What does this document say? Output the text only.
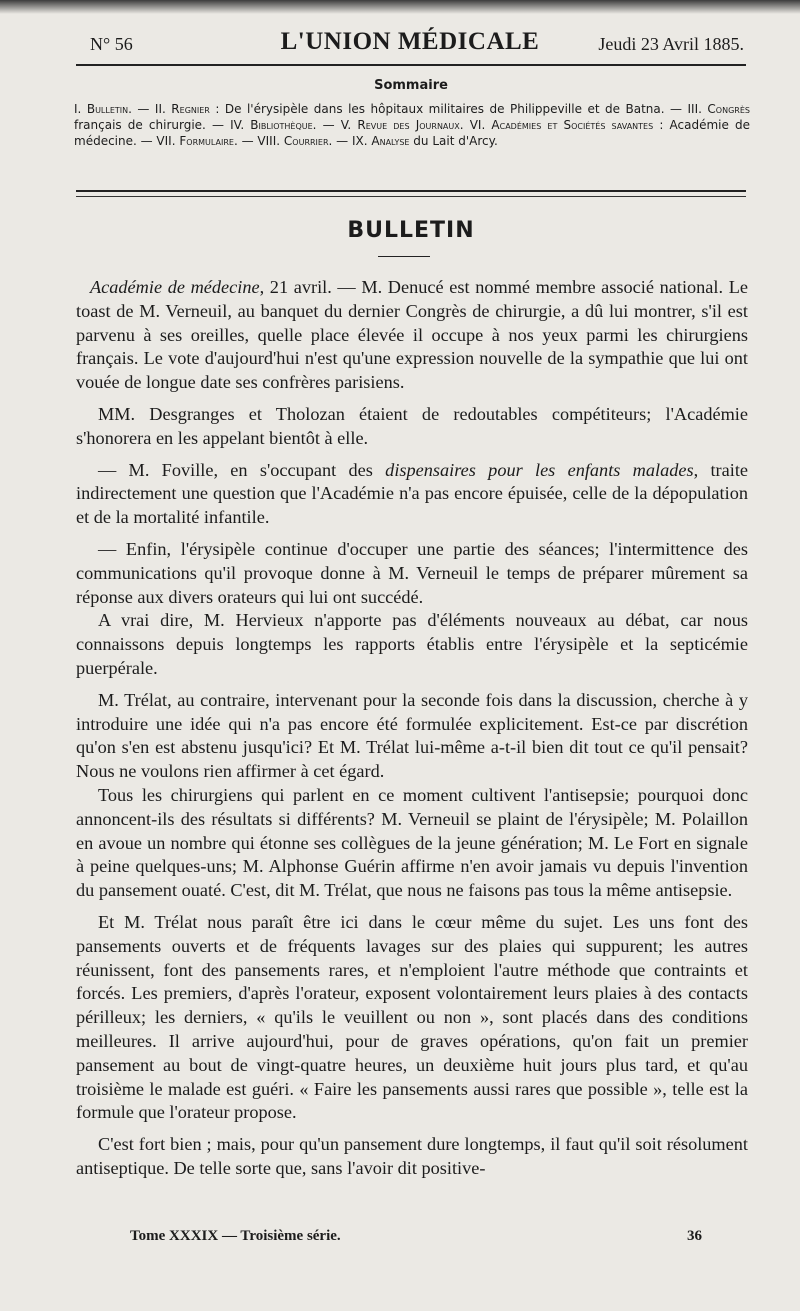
N° 56	L'UNION MÉDICALE	Jeudi 23 Avril 1885.
Sommaire
I. Bulletin. — II. Regnier : De l'érysipèle dans les hôpitaux militaires de Philippeville et de Batna. — III. Congrès français de chirurgie. — IV. Bibliothèque. — V. Revue des Journaux. VI. Académies et Sociétés savantes : Académie de médecine. — VII. Formulaire. — VIII. Courrier. — IX. Analyse du Lait d'Arcy.
BULLETIN

Académie de médecine, 21 avril. — M. Denucé est nommé membre associé national. Le toast de M. Verneuil, au banquet du dernier Congrès de chirurgie, a dû lui montrer, s'il est parvenu à ses oreilles, quelle place élevée il occupe à nos yeux parmi les chirurgiens français. Le vote d'aujourd'hui n'est qu'une expression nouvelle de la sympathie que lui ont vouée de longue date ses confrères parisiens.

MM. Desgranges et Tholozan étaient de redoutables compétiteurs; l'Académie s'honorera en les appelant bientôt à elle.

— M. Foville, en s'occupant des dispensaires pour les enfants malades, traite indirectement une question que l'Académie n'a pas encore épuisée, celle de la dépopulation et de la mortalité infantile.

— Enfin, l'érysipèle continue d'occuper une partie des séances; l'intermittence des communications qu'il provoque donne à M. Verneuil le temps de préparer mûrement sa réponse aux divers orateurs qui lui ont succédé.

A vrai dire, M. Hervieux n'apporte pas d'éléments nouveaux au débat, car nous connaissons depuis longtemps les rapports établis entre l'érysipèle et la septicémie puerpérale.

M. Trélat, au contraire, intervenant pour la seconde fois dans la discussion, cherche à y introduire une idée qui n'a pas encore été formulée explicitement. Est-ce par discrétion qu'on s'en est abstenu jusqu'ici? Et M. Trélat lui-même a-t-il bien dit tout ce qu'il pensait? Nous ne voulons rien affirmer à cet égard.

Tous les chirurgiens qui parlent en ce moment cultivent l'antisepsie; pourquoi donc annoncent-ils des résultats si différents? M. Verneuil se plaint de l'érysipèle; M. Polaillon en avoue un nombre qui étonne ses collègues de la jeune génération; M. Le Fort en signale à peine quelques-uns; M. Alphonse Guérin affirme n'en avoir jamais vu depuis l'invention du pansement ouaté. C'est, dit M. Trélat, que nous ne faisons pas tous la même antisepsie.

Et M. Trélat nous paraît être ici dans le cœur même du sujet. Les uns font des pansements ouverts et de fréquents lavages sur des plaies qui suppurent; les autres réunissent, font des pansements rares, et n'emploient l'autre méthode que contraints et forcés. Les premiers, d'après l'orateur, exposent volontairement leurs plaies à des contacts périlleux; les derniers, « qu'ils le veuillent ou non », sont placés dans des conditions meilleures. Il arrive aujourd'hui, pour de graves opérations, qu'on fait un premier pansement au bout de vingt-quatre heures, un deuxième huit jours plus tard, et qu'au troisième le malade est guéri. « Faire les pansements aussi rares que possible », telle est la formule que l'orateur propose.

C'est fort bien ; mais, pour qu'un pansement dure longtemps, il faut qu'il soit résolument antiseptique. De telle sorte que, sans l'avoir dit positive-

Tome XXXIX — Troisième série.	36
